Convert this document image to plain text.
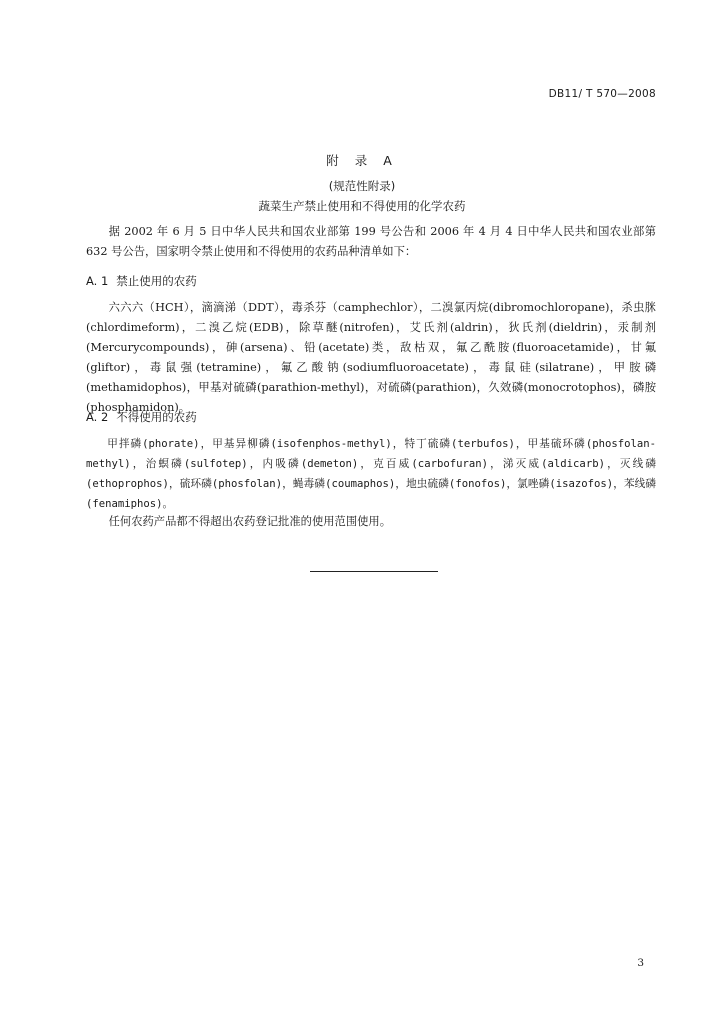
DB11/ T 570—2008
附 录 A
(规范性附录)
蔬菜生产禁止使用和不得使用的化学农药

据 2002 年 6 月 5 日中华人民共和国农业部第 199 号公告和 2006 年 4 月 4 日中华人民共和国农业部第 632 号公告，国家明令禁止使用和不得使用的农药品种清单如下：

A. 1 禁止使用的农药

六六六（HCH），滴滴涕（DDT），毒杀芬（camphechlor），二溴氯丙烷(dibromochloropane)，杀虫脒(chlordimeform)，二溴乙烷(EDB)，除草醚(nitrofen)，艾氏剂(aldrin)，狄氏剂(dieldrin)，汞制剂(Mercurycompounds)，砷(arsena)、铅(acetate)类，敌枯双，氟乙酰胺(fluoroacetamide)，甘氟(gliftor)，毒鼠强(tetramine)，氟乙酸钠(sodiumfluoroacetate)，毒鼠硅(silatrane)，甲胺磷(methamidophos)，甲基对硫磷(parathion-methyl)，对硫磷(parathion)，久效磷(monocrotophos)，磷胺(phosphamidon)。

A. 2 不得使用的农药

甲拌磷(phorate)，甲基异柳磷(isofenphos-methyl)，特丁硫磷(terbufos)，甲基硫环磷(phosfolan-methyl)，治螟磷(sulfotep)，内吸磷(demeton)，克百威(carbofuran)，涕灭威(aldicarb)，灭线磷(ethoprophos)，硫环磷(phosfolan)，蝇毒磷(coumaphos)，地虫硫磷(fonofos)，氯唑磷(isazofos)，苯线磷(fenamiphos)。

任何农药产品都不得超出农药登记批准的使用范围使用。

3
